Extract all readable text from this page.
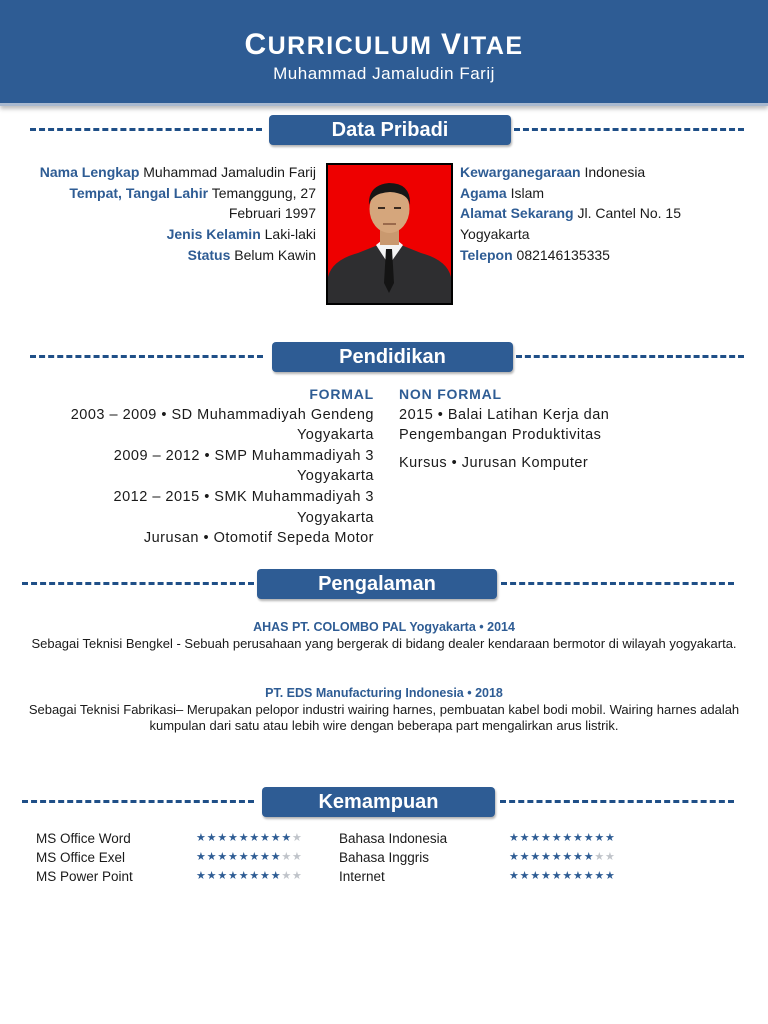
CURRICULUM VITAE
Muhammad Jamaludin Farij
Data Pribadi
Nama Lengkap Muhammad Jamaludin Farij
Tempat, Tangal Lahir Temanggung, 27 Februari 1997
Jenis Kelamin Laki-laki
Status Belum Kawin
Kewarganegaraan Indonesia
Agama Islam
Alamat Sekarang Jl. Cantel No. 15 Yogyakarta
Telepon 082146135335
Pendidikan
FORMAL
2003 – 2009 • SD Muhammadiyah Gendeng Yogyakarta
2009 – 2012 • SMP Muhammadiyah 3 Yogyakarta
2012 – 2015 • SMK Muhammadiyah 3 Yogyakarta
Jurusan • Otomotif Sepeda Motor
NON FORMAL
2015 • Balai Latihan Kerja dan Pengembangan Produktivitas
Kursus • Jurusan Komputer
Pengalaman
AHAS PT. COLOMBO PAL Yogyakarta • 2014
Sebagai Teknisi Bengkel - Sebuah perusahaan yang bergerak di bidang dealer kendaraan bermotor di wilayah yogyakarta.
PT. EDS Manufacturing Indonesia • 2018
Sebagai Teknisi Fabrikasi– Merupakan pelopor industri wairing harnes, pembuatan kabel bodi mobil. Wairing harnes adalah kumpulan dari satu atau lebih wire dengan beberapa part mengalirkan arus listrik.
Kemampuan
MS Office Word
MS Office Exel
MS Power Point
★★★★★★★★★★
★★★★★★★★★★
★★★★★★★★★★
Bahasa Indonesia
Bahasa Inggris
Internet
★★★★★★★★★★
★★★★★★★★★★
★★★★★★★★★★
